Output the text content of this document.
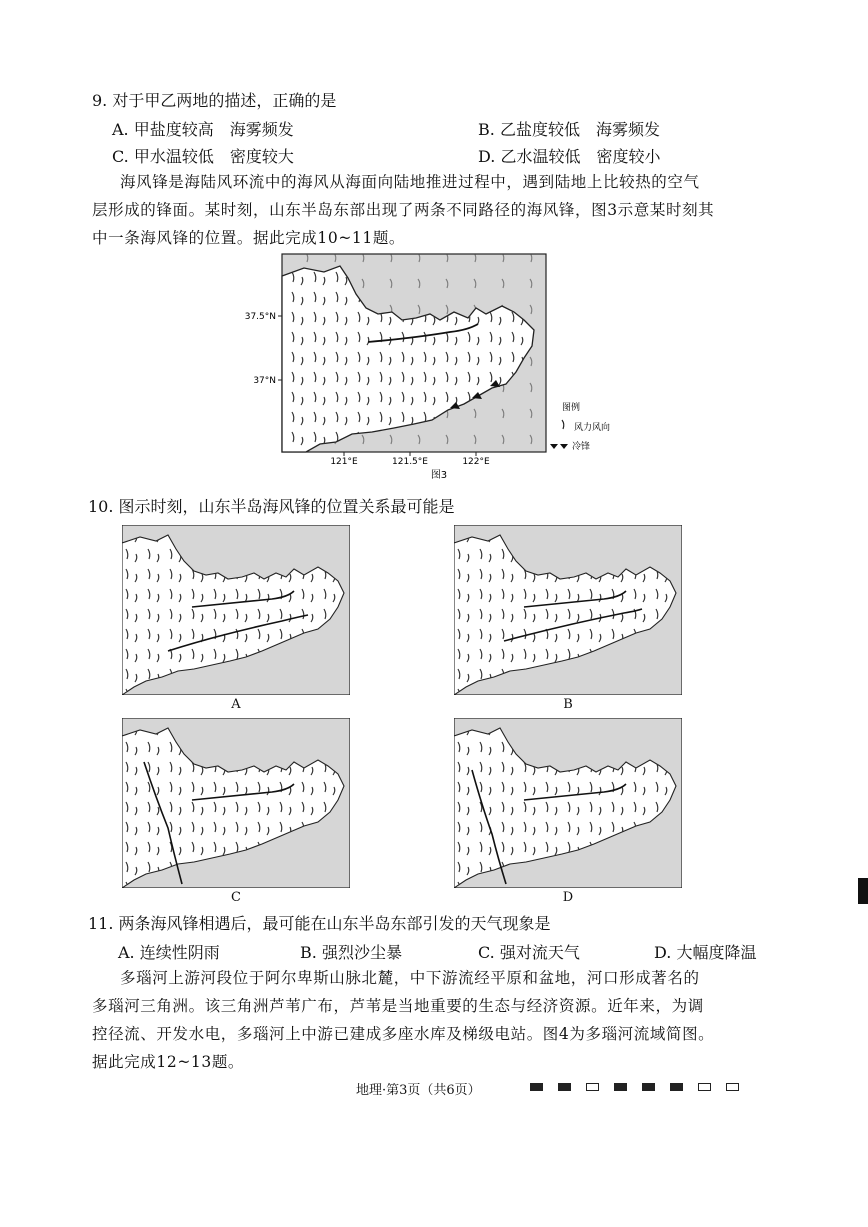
9. 对于甲乙两地的描述，正确的是
A. 甲盐度较高　海雾频发	B. 乙盐度较低　海雾频发
C. 甲水温较低　密度较大	D. 乙水温较低　密度较小
海风锋是海陆风环流中的海风从海面向陆地推进过程中，遇到陆地上比较热的空气
层形成的锋面。某时刻，山东半岛东部出现了两条不同路径的海风锋，图3示意某时刻其
中一条海风锋的位置。据此完成10~11题。
37.5°N
37°N
121°E	121.5°E	122°E
图例
风力风向
冷锋
图3
10. 图示时刻，山东半岛海风锋的位置关系最可能是
A	B
C	D
11. 两条海风锋相遇后，最可能在山东半岛东部引发的天气现象是
A. 连续性阴雨	B. 强烈沙尘暴	C. 强对流天气	D. 大幅度降温
多瑙河上游河段位于阿尔卑斯山脉北麓，中下游流经平原和盆地，河口形成著名的
多瑙河三角洲。该三角洲芦苇广布，芦苇是当地重要的生态与经济资源。近年来，为调
控径流、开发水电，多瑙河上中游已建成多座水库及梯级电站。图4为多瑙河流域简图。
据此完成12~13题。
地理·第3页（共6页）
